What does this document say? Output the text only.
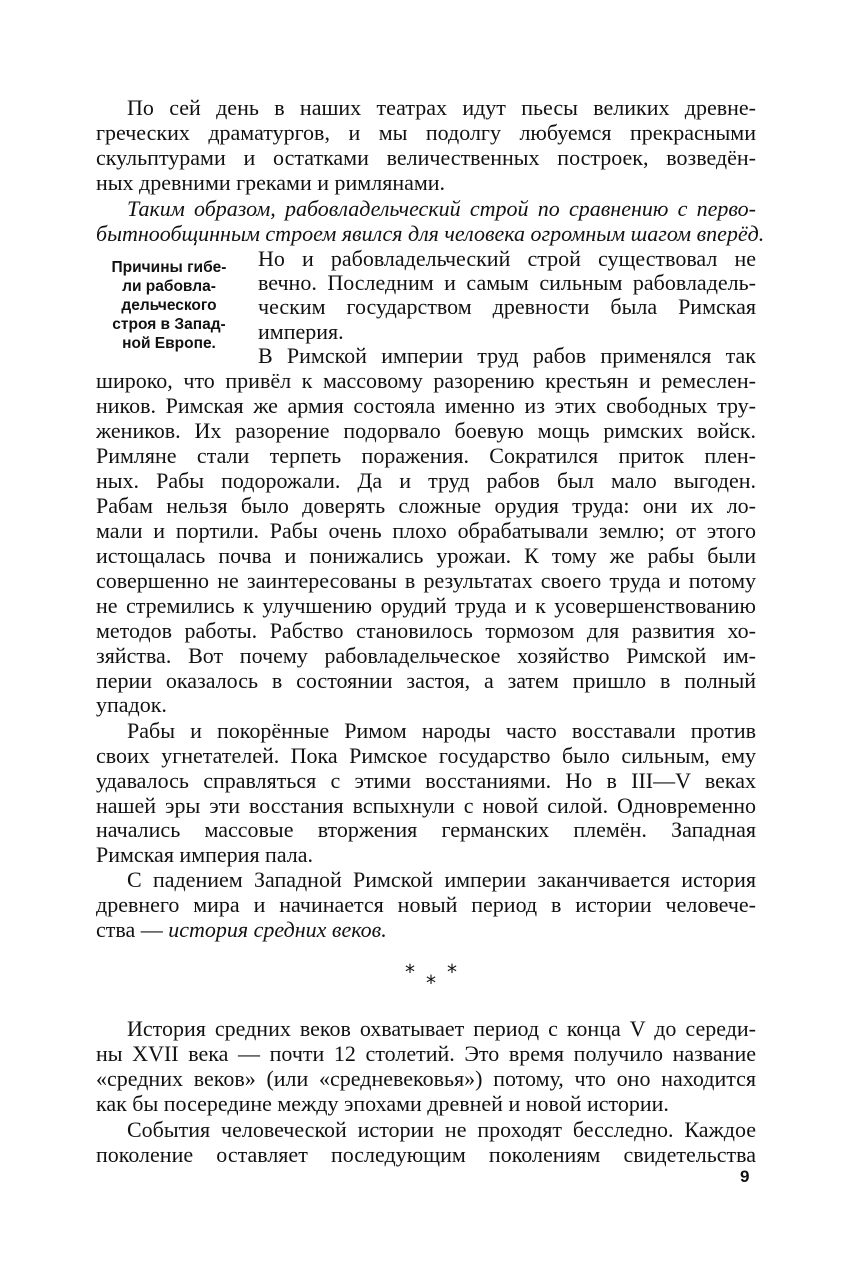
По сей день в наших театрах идут пьесы великих древне-
греческих драматургов, и мы подолгу любуемся прекрасными
скульптурами и остатками величественных построек, возведён-
ных древними греками и римлянами.
Таким образом, рабовладельческий строй по сравнению с перво-
бытнообщинным строем явился для человека огромным шагом вперёд.
Причины гибе-
ли рабовла-
дельческого
строя в Запад-
ной Европе.
Но и рабовладельческий строй существовал не
вечно. Последним и самым сильным рабовладель-
ческим государством древности была Римская
империя.
В Римской империи труд рабов применялся так
широко, что привёл к массовому разорению крестьян и ремеслен-
ников. Римская же армия состояла именно из этих свободных тру-
жеников. Их разорение подорвало боевую мощь римских войск.
Римляне стали терпеть поражения. Сократился приток плен-
ных. Рабы подорожали. Да и труд рабов был мало выгоден.
Рабам нельзя было доверять сложные орудия труда: они их ло-
мали и портили. Рабы очень плохо обрабатывали землю; от этого
истощалась почва и понижались урожаи. К тому же рабы были
совершенно не заинтересованы в результатах своего труда и потому
не стремились к улучшению орудий труда и к усовершенствованию
методов работы. Рабство становилось тормозом для развития хо-
зяйства. Вот почему рабовладельческое хозяйство Римской им-
перии оказалось в состоянии застоя, а затем пришло в полный
упадок.
Рабы и покорённые Римом народы часто восставали против
своих угнетателей. Пока Римское государство было сильным, ему
удавалось справляться с этими восстаниями. Но в III—V веках
нашей эры эти восстания вспыхнули с новой силой. Одновременно
начались массовые вторжения германских племён. Западная
Римская империя пала.
С падением Западной Римской империи заканчивается история
древнего мира и начинается новый период в истории человече-
ства — история средних веков.
* *
*
История средних веков охватывает период с конца V до середи-
ны XVII века — почти 12 столетий. Это время получило название
«средних веков» (или «средневековья») потому, что оно находится
как бы посередине между эпохами древней и новой истории.
События человеческой истории не проходят бесследно. Каждое
поколение оставляет последующим поколениям свидетельства
9
